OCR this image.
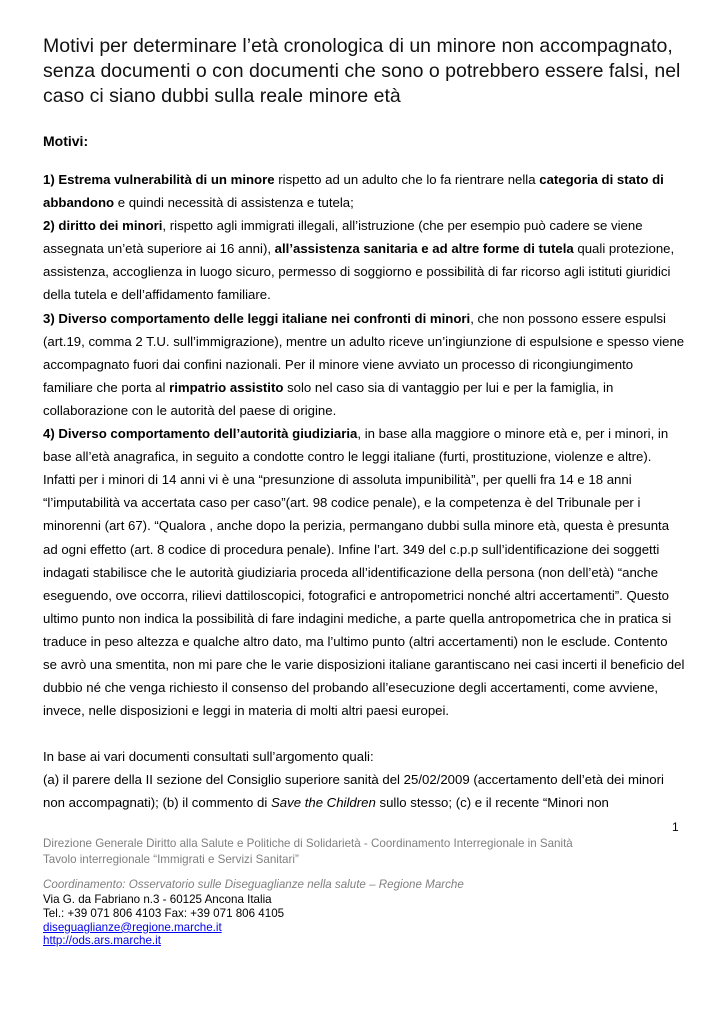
Motivi per determinare l’età cronologica di un minore non accompagnato, senza documenti o con documenti che sono o potrebbero essere falsi, nel caso ci siano dubbi sulla reale minore età

Motivi:

1) Estrema vulnerabilità di un minore rispetto ad un adulto che lo fa rientrare nella categoria di stato di abbandono e quindi necessità di assistenza e tutela;

2) diritto dei minori, rispetto agli immigrati illegali, all’istruzione (che per esempio può cadere se viene assegnata un’età superiore ai 16 anni), all’assistenza sanitaria e ad altre forme di tutela quali protezione, assistenza, accoglienza in luogo sicuro, permesso di soggiorno e possibilità di far ricorso agli istituti giuridici della tutela e dell’affidamento familiare.

3) Diverso comportamento delle leggi italiane nei confronti di minori, che non possono essere espulsi (art.19, comma 2 T.U. sull’immigrazione), mentre un adulto riceve un’ingiunzione di espulsione e spesso viene accompagnato fuori dai confini nazionali. Per il minore viene avviato un processo di ricongiungimento familiare che porta al rimpatrio assistito solo nel caso sia di vantaggio per lui e per la famiglia, in collaborazione con le autorità del paese di origine.

4) Diverso comportamento dell’autorità giudiziaria, in base alla maggiore o minore età e, per i minori, in base all’età anagrafica, in seguito a condotte contro le leggi italiane (furti, prostituzione, violenze e altre). Infatti per i minori di 14 anni vi è una “presunzione di assoluta impunibilità”, per quelli fra 14 e 18 anni “l’imputabilità va accertata caso per caso”(art. 98 codice penale), e la competenza è del Tribunale per i minorenni (art 67). “Qualora , anche dopo la perizia, permangano dubbi sulla minore età, questa è presunta ad ogni effetto (art. 8 codice di procedura penale). Infine l’art. 349 del c.p.p sull’identificazione dei soggetti indagati stabilisce che le autorità giudiziaria proceda all’identificazione della persona (non dell’età) “anche eseguendo, ove occorra, rilievi dattiloscopici, fotografici e antropometrici nonché altri accertamenti”. Questo ultimo punto non indica la possibilità di fare indagini mediche, a parte quella antropometrica che in pratica si traduce in peso altezza e qualche altro dato, ma l’ultimo punto (altri accertamenti) non le esclude. Contento se avrò una smentita, non mi pare che le varie disposizioni italiane garantiscano nei casi incerti il beneficio del dubbio né che venga richiesto il consenso del probando all’esecuzione degli accertamenti, come avviene, invece, nelle disposizioni e leggi in materia di molti altri paesi europei.

In base ai vari documenti consultati sull’argomento quali:

(a) il parere della II sezione del Consiglio superiore sanità del 25/02/2009 (accertamento dell’età dei minori non accompagnati); (b) il commento di Save the Children sullo stesso; (c) e il recente “Minori non

1
Direzione Generale Diritto alla Salute e Politiche di Solidarietà - Coordinamento Interregionale in Sanità
Tavolo interregionale “Immigrati e Servizi Sanitari”
Coordinamento: Osservatorio sulle Diseguaglianze nella salute – Regione Marche
Via G. da Fabriano n.3 - 60125 Ancona Italia
Tel.: +39 071 806 4103 Fax: +39 071 806 4105
diseguaglianze@regione.marche.it
http://ods.ars.marche.it
